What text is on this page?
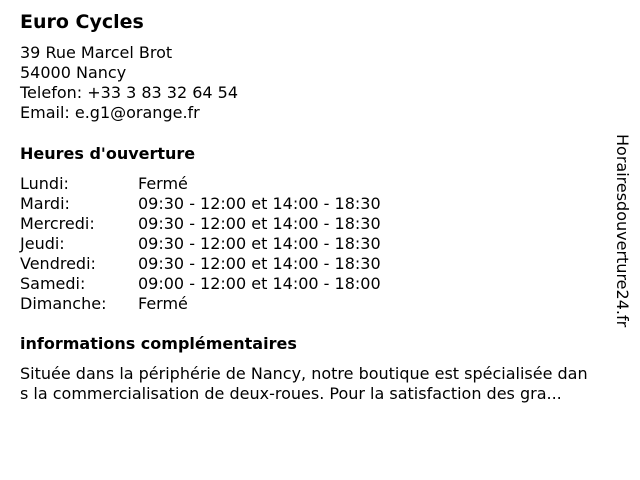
Euro Cycles
39 Rue Marcel Brot
54000 Nancy
Telefon: +33 3 83 32 64 54
Email: e.g1@orange.fr
Heures d'ouverture
Lundi:	Fermé
Mardi:	09:30 - 12:00 et 14:00 - 18:30
Mercredi:	09:30 - 12:00 et 14:00 - 18:30
Jeudi:	09:30 - 12:00 et 14:00 - 18:30
Vendredi:	09:30 - 12:00 et 14:00 - 18:30
Samedi:	09:00 - 12:00 et 14:00 - 18:00
Dimanche: Fermé
informations complémentaires
Située dans la périphérie de Nancy, notre boutique est spécialisée dan
s la commercialisation de deux-roues. Pour la satisfaction des gra...
Horairesdouverture24.fr
